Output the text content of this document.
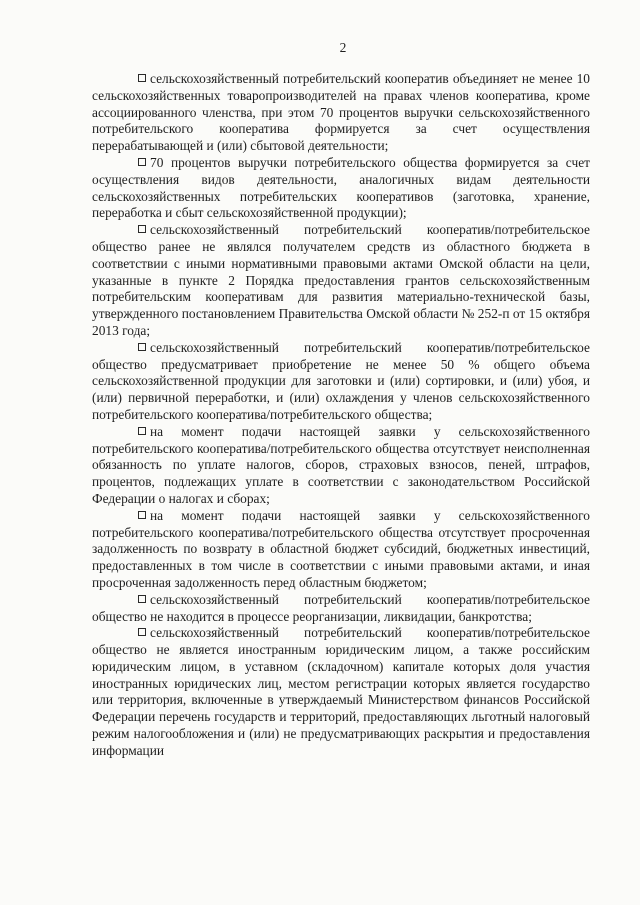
2

сельскохозяйственный потребительский кооператив объединяет не менее 10 сельскохозяйственных товаропроизводителей на правах членов кооператива, кроме ассоциированного членства, при этом 70 процентов выручки сельскохозяйственного потребительского кооператива формируется за счет осуществления перерабатывающей и (или) сбытовой деятельности;

70 процентов выручки потребительского общества формируется за счет осуществления видов деятельности, аналогичных видам деятельности сельскохозяйственных потребительских кооперативов (заготовка, хранение, переработка и сбыт сельскохозяйственной продукции);

сельскохозяйственный потребительский кооператив/потребительское общество ранее не являлся получателем средств из областного бюджета в соответствии с иными нормативными правовыми актами Омской области на цели, указанные в пункте 2 Порядка предоставления грантов сельскохозяйственным потребительским кооперативам для развития материально-технической базы, утвержденного постановлением Правительства Омской области № 252-п от 15 октября 2013 года;

сельскохозяйственный потребительский кооператив/потребительское общество предусматривает приобретение не менее 50 % общего объема сельскохозяйственной продукции для заготовки и (или) сортировки, и (или) убоя, и (или) первичной переработки, и (или) охлаждения у членов сельскохозяйственного потребительского кооператива/потребительского общества;

на момент подачи настоящей заявки у сельскохозяйственного потребительского кооператива/потребительского общества отсутствует неисполненная обязанность по уплате налогов, сборов, страховых взносов, пеней, штрафов, процентов, подлежащих уплате в соответствии с законодательством Российской Федерации о налогах и сборах;

на момент подачи настоящей заявки у сельскохозяйственного потребительского кооператива/потребительского общества отсутствует просроченная задолженность по возврату в областной бюджет субсидий, бюджетных инвестиций, предоставленных в том числе в соответствии с иными правовыми актами, и иная просроченная задолженность перед областным бюджетом;

сельскохозяйственный потребительский кооператив/потребительское общество не находится в процессе реорганизации, ликвидации, банкротства;

сельскохозяйственный потребительский кооператив/потребительское общество не является иностранным юридическим лицом, а также российским юридическим лицом, в уставном (складочном) капитале которых доля участия иностранных юридических лиц, местом регистрации которых является государство или территория, включенные в утверждаемый Министерством финансов Российской Федерации перечень государств и территорий, предоставляющих льготный налоговый режим налогообложения и (или) не предусматривающих раскрытия и предоставления информации
